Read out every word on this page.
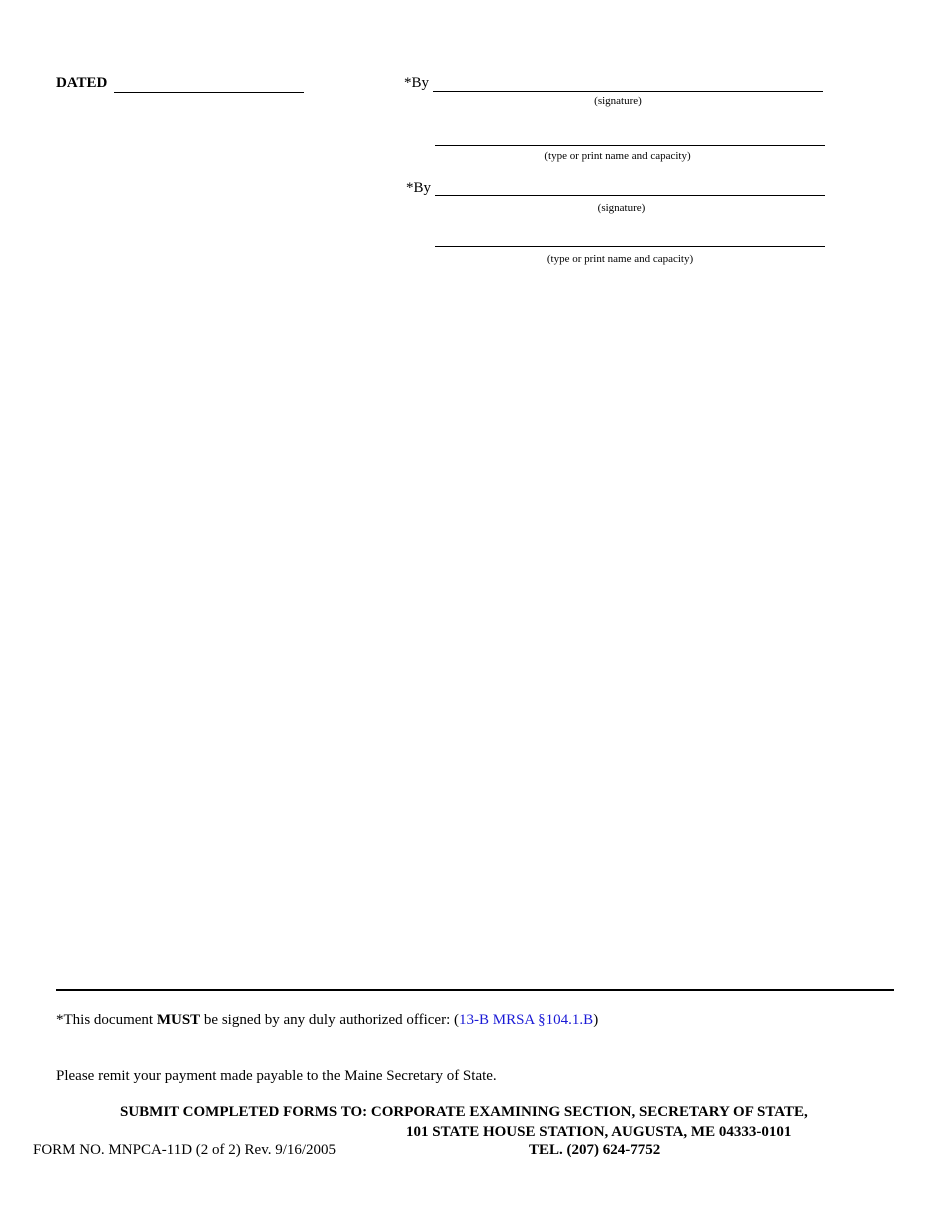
DATED	*By
(signature)
(type or print name and capacity)
*By
(signature)
(type or print name and capacity)
*This document MUST be signed by any duly authorized officer: (13-B MRSA §104.1.B)
Please remit your payment made payable to the Maine Secretary of State.
SUBMIT COMPLETED FORMS TO: CORPORATE EXAMINING SECTION, SECRETARY OF STATE,
101 STATE HOUSE STATION, AUGUSTA, ME 04333-0101
TEL. (207) 624-7752
FORM NO. MNPCA-11D (2 of 2) Rev. 9/16/2005
